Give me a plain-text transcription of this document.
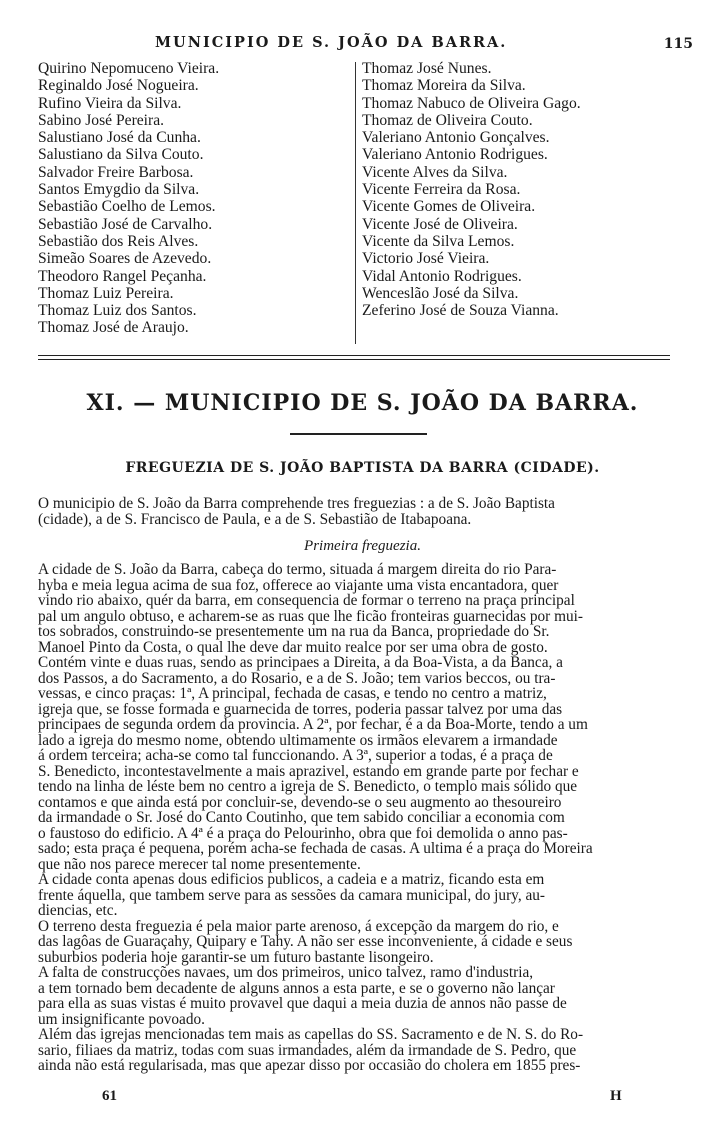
MUNICIPIO DE S. JOÃO DA BARRA.	115
Quirino Nepomuceno Vieira.
Reginaldo José Nogueira.
Rufino Vieira da Silva.
Sabino José Pereira.
Salustiano José da Cunha.
Salustiano da Silva Couto.
Salvador Freire Barbosa.
Santos Emygdio da Silva.
Sebastião Coelho de Lemos.
Sebastião José de Carvalho.
Sebastião dos Reis Alves.
Simeão Soares de Azevedo.
Theodoro Rangel Peçanha.
Thomaz Luiz Pereira.
Thomaz Luiz dos Santos.
Thomaz José de Araujo.
Thomaz José Nunes.
Thomaz Moreira da Silva.
Thomaz Nabuco de Oliveira Gago.
Thomaz de Oliveira Couto.
Valeriano Antonio Gonçalves.
Valeriano Antonio Rodrigues.
Vicente Alves da Silva.
Vicente Ferreira da Rosa.
Vicente Gomes de Oliveira.
Vicente José de Oliveira.
Vicente da Silva Lemos.
Victorio José Vieira.
Vidal Antonio Rodrigues.
Wenceslão José da Silva.
Zeferino José de Souza Vianna.
XI. — MUNICIPIO DE S. JOÃO DA BARRA.
FREGUEZIA DE S. JOÃO BAPTISTA DA BARRA (CIDADE).
O municipio de S. João da Barra comprehende tres freguezias : a de S. João Baptista
(cidade), a de S. Francisco de Paula, e a de S. Sebastião de Itabapoana.
Primeira freguezia.
A cidade de S. João da Barra, cabeça do termo, situada á margem direita do rio Para-
hyba e meia legua acima de sua foz, offerece ao viajante uma vista encantadora, quer
vindo rio abaixo, quér da barra, em consequencia de formar o terreno na praça principal
pal um angulo obtuso, e acharem-se as ruas que lhe ficão fronteiras guarnecidas por mui-
tos sobrados, construindo-se presentemente um na rua da Banca, propriedade do Sr.
Manoel Pinto da Costa, o qual lhe deve dar muito realce por ser uma obra de gosto.
Contém vinte e duas ruas, sendo as principaes a Direita, a da Boa-Vista, a da Banca, a
dos Passos, a do Sacramento, a do Rosario, e a de S. João; tem varios beccos, ou tra-
vessas, e cinco praças: 1ª, A principal, fechada de casas, e tendo no centro a matriz,
igreja que, se fosse formada e guarnecida de torres, poderia passar talvez por uma das
principaes de segunda ordem da provincia. A 2ª, por fechar, é a da Boa-Morte, tendo a um
lado a igreja do mesmo nome, obtendo ultimamente os irmãos elevarem a irmandade
á ordem terceira; acha-se como tal funccionando. A 3ª, superior a todas, é a praça de
S. Benedicto, incontestavelmente a mais aprazivel, estando em grande parte por fechar e
tendo na linha de léste bem no centro a igreja de S. Benedicto, o templo mais sólido que
contamos e que ainda está por concluir-se, devendo-se o seu augmento ao thesoureiro
da irmandade o Sr. José do Canto Coutinho, que tem sabido conciliar a economia com
o faustoso do edificio. A 4ª é a praça do Pelourinho, obra que foi demolida o anno pas-
sado; esta praça é pequena, porém acha-se fechada de casas. A ultima é a praça do Moreira
que não nos parece merecer tal nome presentemente.
A cidade conta apenas dous edificios publicos, a cadeia e a matriz, ficando esta em
frente áquella, que tambem serve para as sessões da camara municipal, do jury, au-
diencias, etc.
O terreno desta freguezia é pela maior parte arenoso, á excepção da margem do rio, e
das lagôas de Guaraçahy, Quipary e Tahy. A não ser esse inconveniente, á cidade e seus
suburbios poderia hoje garantir-se um futuro bastante lisongeiro.
A falta de construcções navaes, um dos primeiros, unico talvez, ramo d'industria,
a tem tornado bem decadente de alguns annos a esta parte, e se o governo não lançar
para ella as suas vistas é muito provavel que daqui a meia duzia de annos não passe de
um insignificante povoado.
Além das igrejas mencionadas tem mais as capellas do SS. Sacramento e de N. S. do Ro-
sario, filiaes da matriz, todas com suas irmandades, além da irmandade de S. Pedro, que
ainda não está regularisada, mas que apezar disso por occasião do cholera em 1855 pres-
61	H
